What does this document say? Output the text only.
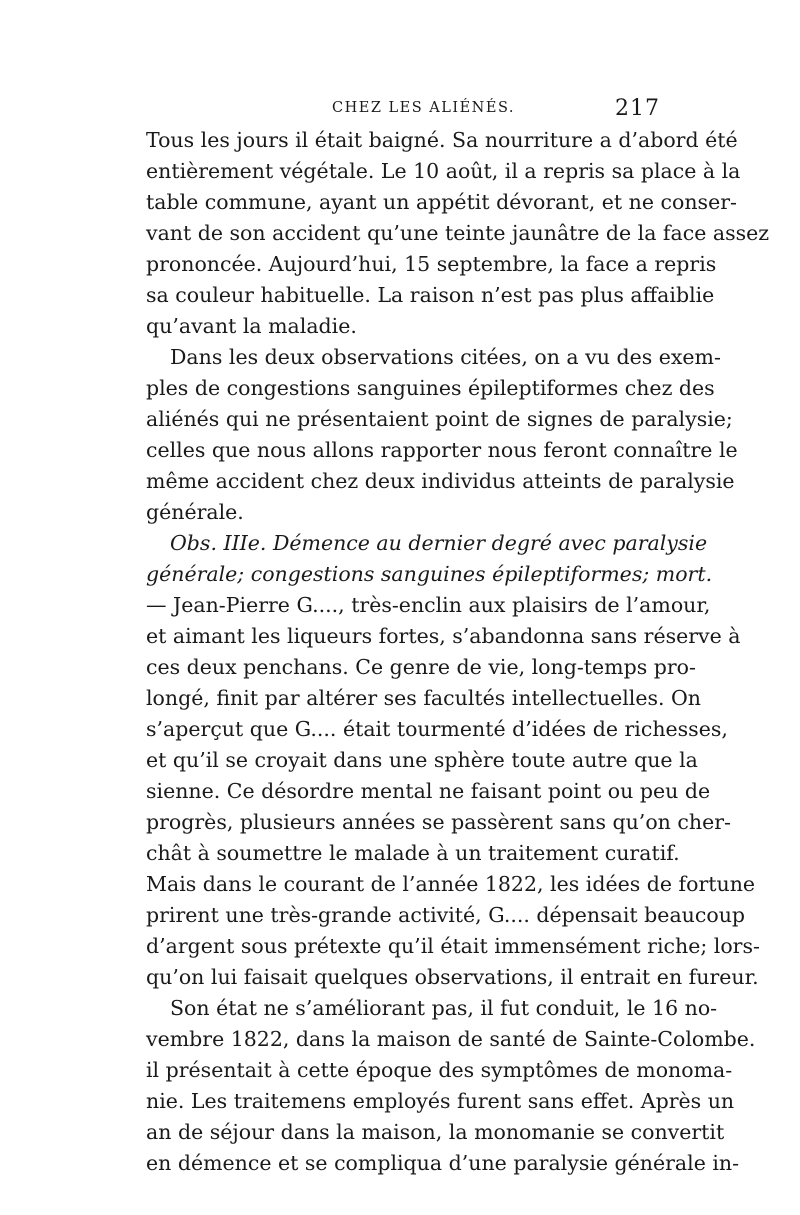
CHEZ LES ALIÉNÉS.	217
Tous les jours il était baigné. Sa nourriture a d’abord été
entièrement végétale. Le 10 août, il a repris sa place à la
table commune, ayant un appétit dévorant, et ne conser-
vant de son accident qu’une teinte jaunâtre de la face assez
prononcée. Aujourd’hui, 15 septembre, la face a repris
sa couleur habituelle. La raison n’est pas plus affaiblie
qu’avant la maladie.
Dans les deux observations citées, on a vu des exem-
ples de congestions sanguines épileptiformes chez des
aliénés qui ne présentaient point de signes de paralysie;
celles que nous allons rapporter nous feront connaître le
même accident chez deux individus atteints de paralysie
générale.
Obs. IIIe. Démence au dernier degré avec paralysie
générale; congestions sanguines épileptiformes; mort.
— Jean-Pierre G...., très-enclin aux plaisirs de l’amour,
et aimant les liqueurs fortes, s’abandonna sans réserve à
ces deux penchans. Ce genre de vie, long-temps pro-
longé, finit par altérer ses facultés intellectuelles. On
s’aperçut que G.... était tourmenté d’idées de richesses,
et qu’il se croyait dans une sphère toute autre que la
sienne. Ce désordre mental ne faisant point ou peu de
progrès, plusieurs années se passèrent sans qu’on cher-
chât à soumettre le malade à un traitement curatif.
Mais dans le courant de l’année 1822, les idées de fortune
prirent une très-grande activité, G.... dépensait beaucoup
d’argent sous prétexte qu’il était immensément riche; lors-
qu’on lui faisait quelques observations, il entrait en fureur.
Son état ne s’améliorant pas, il fut conduit, le 16 no-
vembre 1822, dans la maison de santé de Sainte-Colombe.
il présentait à cette époque des symptômes de monoma-
nie. Les traitemens employés furent sans effet. Après un
an de séjour dans la maison, la monomanie se convertit
en démence et se compliqua d’une paralysie générale in-
